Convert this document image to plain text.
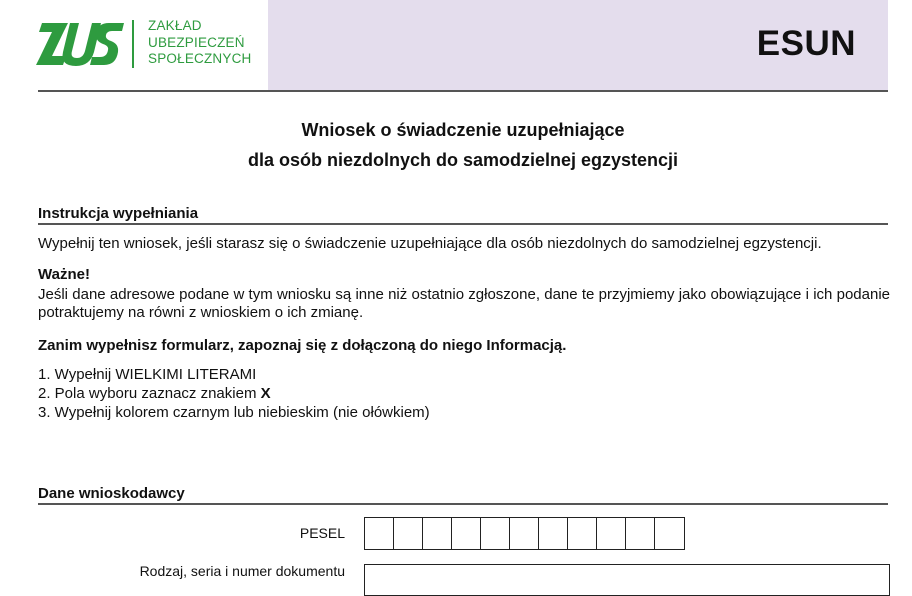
ZAKŁAD
UBEZPIECZEŃ
SPOŁECZNYCH	ESUN
Wniosek o świadczenie uzupełniające
dla osób niezdolnych do samodzielnej egzystencji
Instrukcja wypełniania
Wypełnij ten wniosek, jeśli starasz się o świadczenie uzupełniające dla osób niezdolnych do samodzielnej egzystencji.
Ważne!
Jeśli dane adresowe podane w tym wniosku są inne niż ostatnio zgłoszone, dane te przyjmiemy jako obowiązujące i ich podanie potraktujemy na równi z wnioskiem o ich zmianę.
Zanim wypełnisz formularz, zapoznaj się z dołączoną do niego Informacją.
1. Wypełnij WIELKIMI LITERAMI
2. Pola wyboru zaznacz znakiem X
3. Wypełnij kolorem czarnym lub niebieskim (nie ołówkiem)
Dane wnioskodawcy
PESEL
Rodzaj, seria i numer dokumentu
